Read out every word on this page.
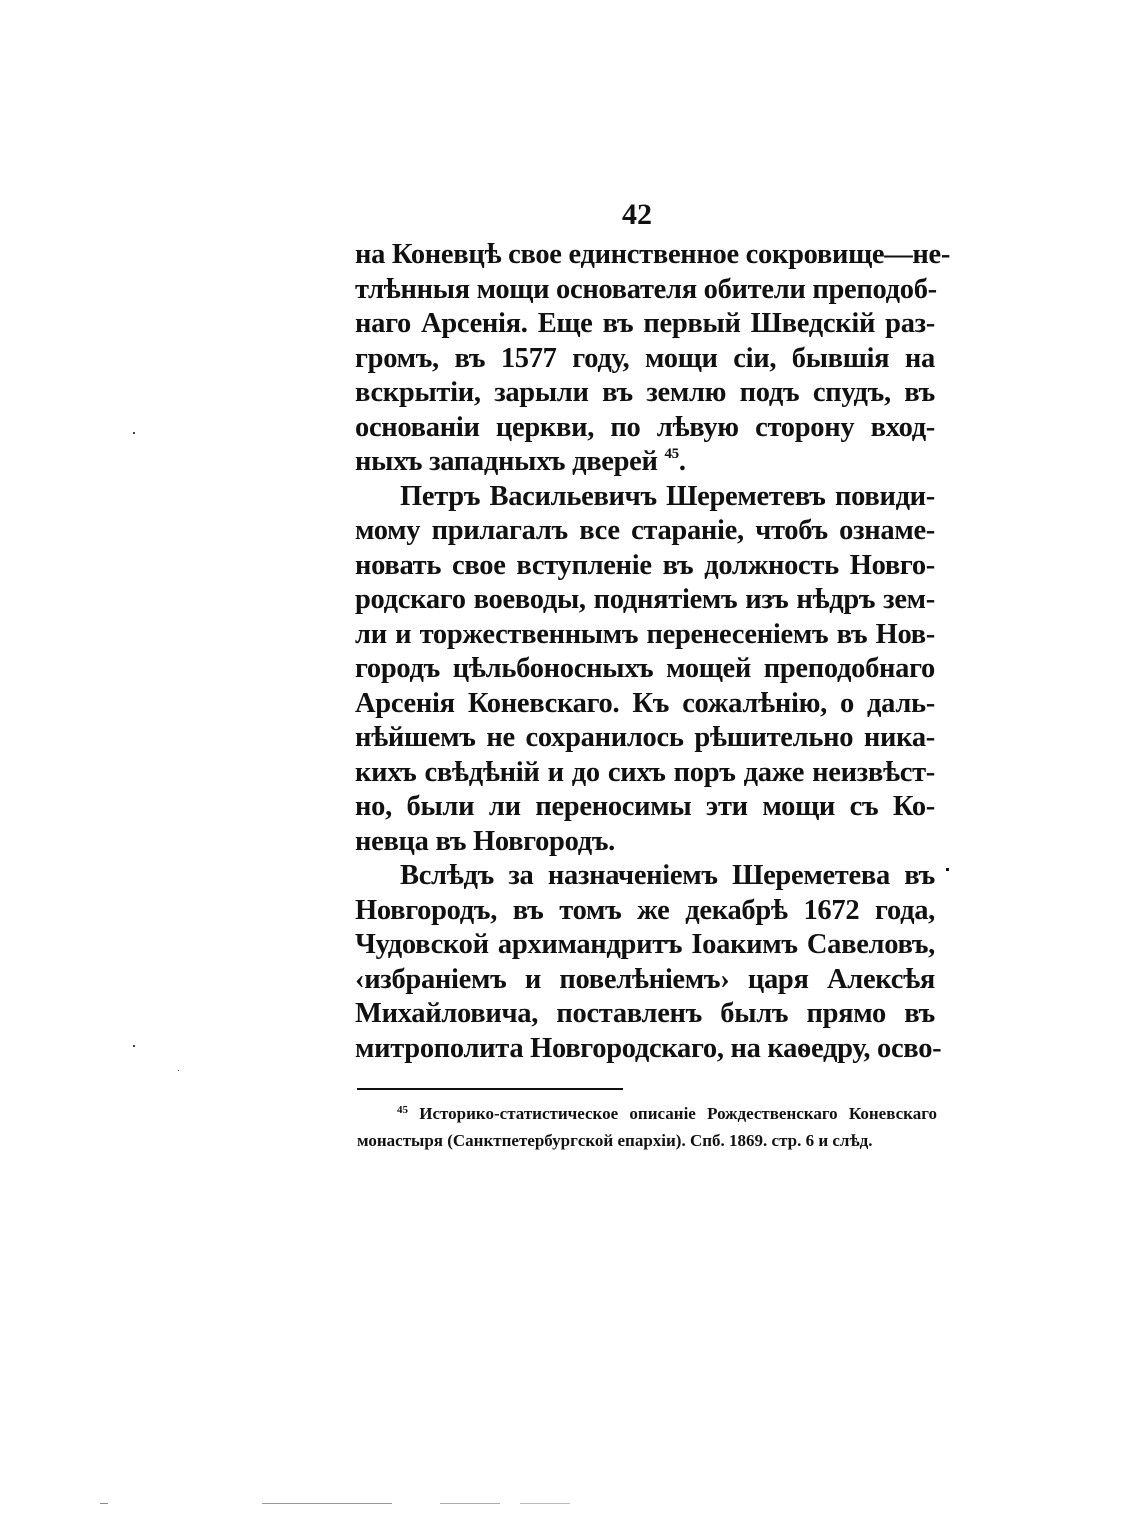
42
на Коневцѣ свое единственное сокровище—не-
тлѣнныя мощи основателя обители преподоб-
наго Арсенія. Еще въ первый Шведскій раз-
громъ, въ 1577 году, мощи сіи, бывшія на
вскрытіи, зарыли въ землю подъ спудъ, въ
основаніи церкви, по лѣвую сторону вход-
ныхъ западныхъ дверей $^{45}$.
Петръ Васильевичъ Шереметевъ повиди-
мому прилагалъ все стараніе, чтобъ ознаме-
новать свое вступленіе въ должность Новго-
родскаго воеводы, поднятіемъ изъ нѣдръ зем-
ли и торжественнымъ перенесеніемъ въ Нов-
городъ цѣльбоносныхъ мощей преподобнаго
Арсенія Коневскаго. Къ сожалѣнію, о даль-
нѣйшемъ не сохранилось рѣшительно ника-
кихъ свѣдѣній и до сихъ поръ даже неизвѣст-
но, были ли переносимы эти мощи съ Ко-
невца въ Новгородъ.
Вслѣдъ за назначеніемъ Шереметева въ
Новгородъ, въ томъ же декабрѣ 1672 года,
Чудовской архимандритъ Іоакимъ Савеловъ,
‹избраніемъ и повелѣніемъ› царя Алексѣя
Михайловича, поставленъ былъ прямо въ
митрополита Новгородскаго, на каѳедру, осво-
$^{45}$ Историко-статистическое описаніе Рождественскаго Коневскаго
монастыря (Санктпетербургской епархіи). Спб. 1869. стр. 6 и слѣд.
